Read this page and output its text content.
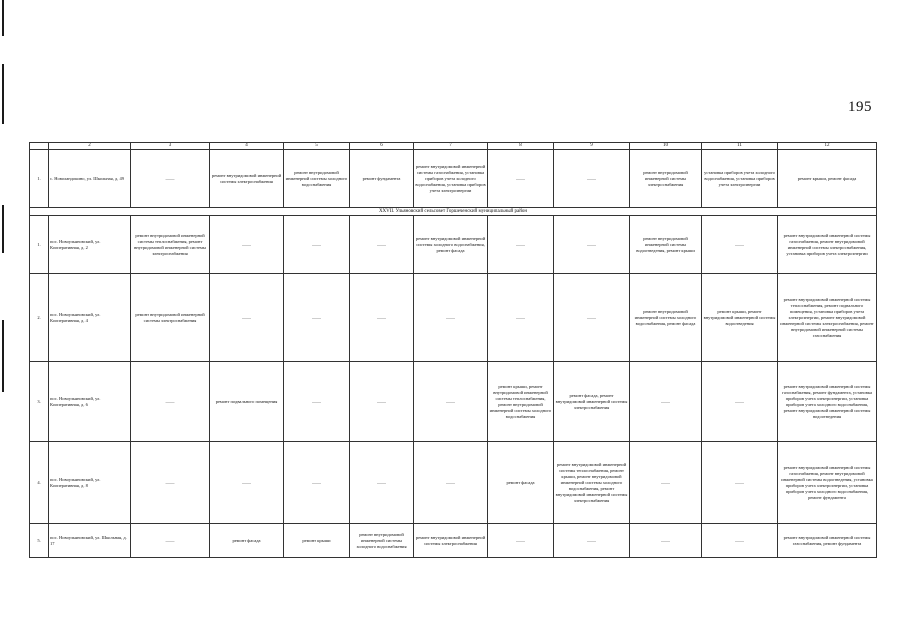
195
	2	3	4	5	6	7	8	9	10	11	12
1.	с. Новоландокино, ул. Школьная, д. 49	——	ремонт внутридомовой инженерной системы электроснабжения	ремонт внутридомовой инженерной системы холодного водоснабжения	ремонт фундамента	ремонт внутридомовой инженерной системы газоснабжения, установка приборов учета холодного водоснабжения, установка приборов учета электроэнергии	——	——	ремонт внутридомовой инженерной системы электроснабжения	установка приборов учета холодного водоснабжения, установка приборов учета электроэнергии	ремонт крыши, ремонт фасада
XXVII. Ульяновский сельсовет Горшеченский муниципальный район											
1.	пос. Новоульяновский, ул. Кооперативная, д. 2	ремонт внутридомовой инженерной системы теплоснабжения, ремонт внутридомовой инженерной системы электроснабжения	——	——	——	ремонт внутридомовой инженерной системы холодного водоснабжения, ремонт фасада	——	——	ремонт внутридомовой инженерной системы водоотведения, ремонт крыши	——	ремонт внутридомовой инженерной системы газоснабжения, ремонт внутридомовой инженерной системы электроснабжения, установка приборов учета электроэнергии
2.	пос. Новоульяновский, ул. Кооперативная, д. 4	ремонт внутридомовой инженерной системы электроснабжения	——	——	——	——	——	——	ремонт внутридомовой инженерной системы холодного водоснабжения, ремонт фасада	ремонт крыши, ремонт внутридомовой инженерной системы водоотведения	ремонт внутридомовой инженерной системы теплоснабжения, ремонт подвального помещения, установка приборов учета электроэнергии, ремонт внутридомовой инженерной системы электроснабжения, ремонт внутридомовой инженерной системы газоснабжения
3.	пос. Новоульяновский, ул. Кооперативная, д. 6	——	ремонт подвального помещения	——	——	——	ремонт крыши, ремонт внутридомовой инженерной системы теплоснабжения, ремонт внутридомовой инженерной системы холодного водоснабжения	ремонт фасада, ремонт внутридомовой инженерной системы электроснабжения	——	——	ремонт внутридомовой инженерной системы газоснабжения, ремонт фундамента, установка приборов учета электроэнергии, установка приборов учета холодного водоснабжения, ремонт внутридомовой инженерной системы водоотведения
4.	пос. Новоульяновский, ул. Кооперативная, д. 8	——	——	——	——	——	ремонт фасада	ремонт внутридомовой инженерной системы теплоснабжения, ремонт крыши, ремонт внутридомовой инженерной системы холодного водоснабжения, ремонт внутридомовой инженерной системы электроснабжения	——	——	ремонт внутридомовой инженерной системы газоснабжения, ремонт внутридомовой инженерной системы водоотведения, установка приборов учета электроэнергии, установка приборов учета холодного водоснабжения, ремонт фундамента
5.	пос. Новоульяновский, ул. Школьная, д. 17	——	ремонт фасада	ремонт крыши	ремонт внутридомовой инженерной системы холодного водоснабжения	ремонт внутридомовой инженерной системы электроснабжения	——	——	——	——	ремонт внутридомовой инженерной системы газоснабжения, ремонт фундамента
